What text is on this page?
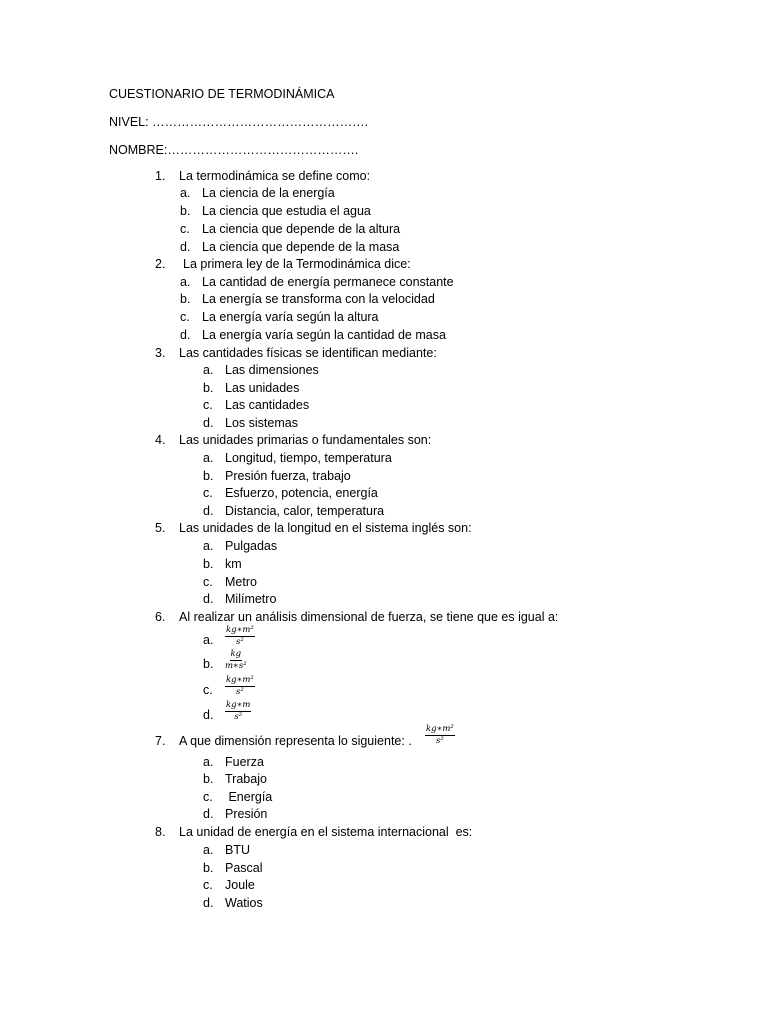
CUESTIONARIO DE TERMODINÁMICA
NIVEL: …………………………………………….
NOMBRE:……………………………………….
1. La termodinámica se define como:
a. La ciencia de la energía
b. La ciencia que estudia el agua
c. La ciencia que depende de la altura
d. La ciencia que depende de la masa
2. La primera ley de la Termodinámica dice:
a. La cantidad de energía permanece constante
b. La energía se transforma con la velocidad
c. La energía varía según la altura
d. La energía varía según la cantidad de masa
3. Las cantidades físicas se identifican mediante:
a. Las dimensiones
b. Las unidades
c. Las cantidades
d. Los sistemas
4. Las unidades primarias o fundamentales son:
a. Longitud, tiempo, temperatura
b. Presión fuerza, trabajo
c. Esfuerzo, potencia, energía
d. Distancia, calor, temperatura
5. Las unidades de la longitud en el sistema inglés son:
a. Pulgadas
b. km
c. Metro
d. Milímetro
6. Al realizar un análisis dimensional de fuerza, se tiene que es igual a:
a. $\frac{\text{kg∗m²}}{\text{s²}}$
b. $\frac{kg}{\text{m∗s²}}$
c. $\frac{\text{kg∗m²}}{\text{s²}}$
d. $\frac{kg∗m}{\text{s²}}$
7. A que dimensión representa lo siguiente: . $\frac{\text{kg∗m²}}{\text{s²}}$
a. Fuerza
b. Trabajo
c. Energía
d. Presión
8. La unidad de energía en el sistema internacional  es:
a. BTU
b. Pascal
c. Joule
d. Watios
